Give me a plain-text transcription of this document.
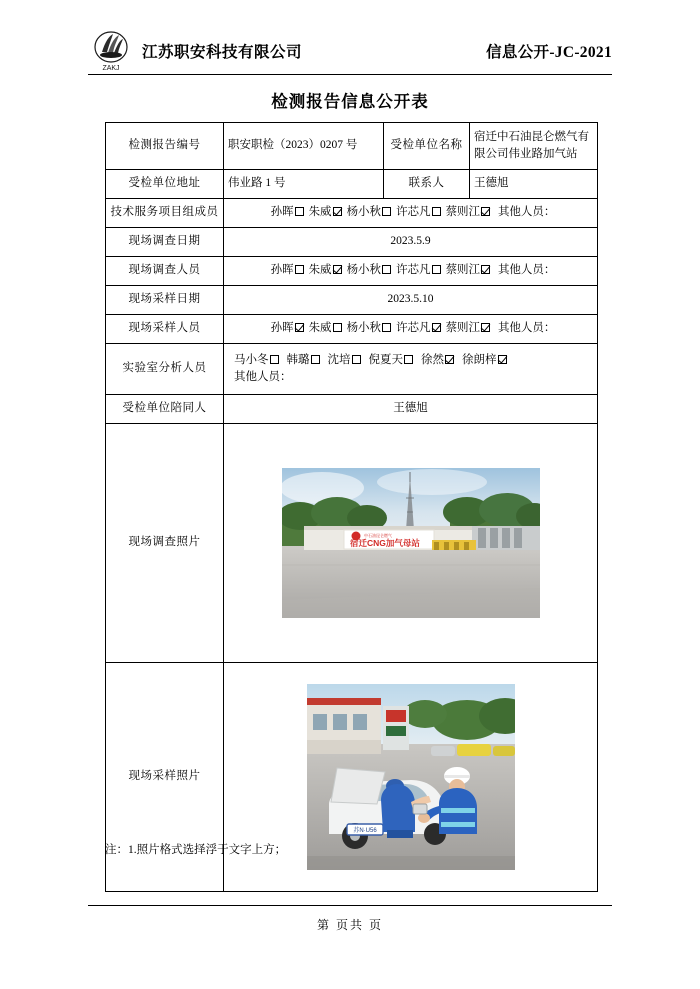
ZAKJ
江苏职安科技有限公司	信息公开-JC-2021
检测报告信息公开表
检测报告编号	职安职检（2023）0207 号	受检单位名称	宿迁中石油昆仑燃气有限公司伟业路加气站
受检单位地址	伟业路 1 号	联系人	王德旭
技术服务项目组成员	孙晖 朱威 杨小秋 许芯凡 蔡则江 其他人员：		
现场调查日期	2023.5.9		
现场调查人员	孙晖 朱威 杨小秋 许芯凡 蔡则江 其他人员：		
现场采样日期	2023.5.10		
现场采样人员	孙晖 朱威 杨小秋 许芯凡 蔡则江 其他人员：		
实验室分析人员	马小冬 韩璐 沈培 倪夏天 徐然 徐朗梓
其他人员：		

受检单位陪同人	王德旭		
现场调查照片	中石油昆仑燃气
宿迁CNG加气母站		

现场采样照片	苏N·U56		
注：1.照片格式选择浮于文字上方；
第 页共 页
